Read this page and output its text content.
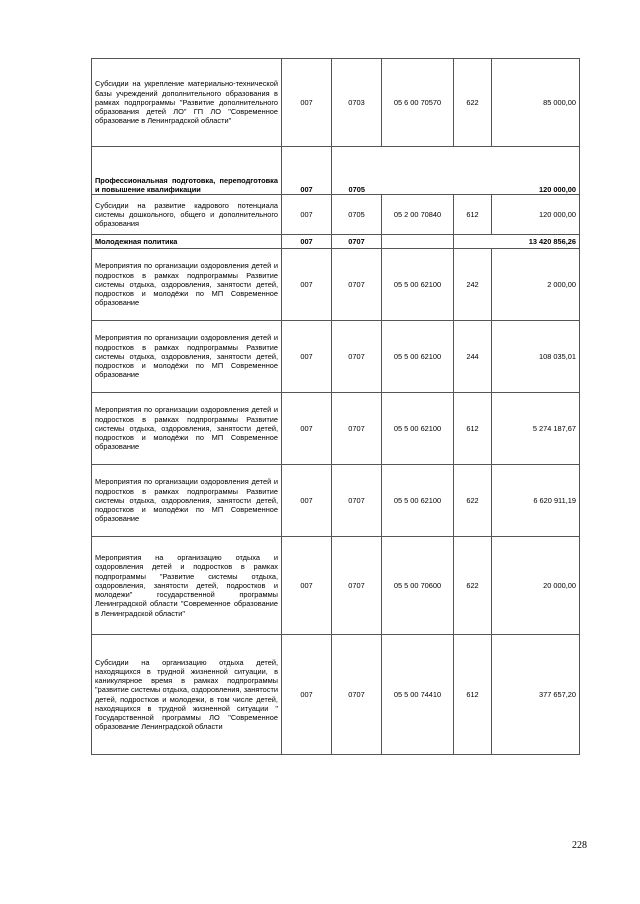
Субсидии на укрепление материально-технической базы учреждений дополнительного образования в рамках подпрограммы "Развитие дополнительного образования детей ЛО" ГП ЛО "Современное образование в Ленинградской области"	007	0703	05 6 00 70570	622	85 000,00
Профессиональная подготовка, переподготовка и повышение квалификации	007	0705			120 000,00
Субсидии на развитие кадрового потенциала системы дошкольного, общего и дополнительного образования	007	0705	05 2 00 70840	612	120 000,00
Молодежная политика	007	0707			13 420 856,26
Мероприятия по организации оздоровления детей и подростков в рамках подпрограммы Развитие системы отдыха, оздоровления, занятости детей, подростков и молодёжи по МП Современное образование	007	0707	05 5 00 62100	242	2 000,00
Мероприятия по организации оздоровления детей и подростков в рамках подпрограммы Развитие системы отдыха, оздоровления, занятости детей, подростков и молодёжи по МП Современное образование	007	0707	05 5 00 62100	244	108 035,01
Мероприятия по организации оздоровления детей и подростков в рамках подпрограммы Развитие системы отдыха, оздоровления, занятости детей, подростков и молодёжи по МП Современное образование	007	0707	05 5 00 62100	612	5 274 187,67
Мероприятия по организации оздоровления детей и подростков в рамках подпрограммы Развитие системы отдыха, оздоровления, занятости детей, подростков и молодёжи по МП Современное образование	007	0707	05 5 00 62100	622	6 620 911,19
Мероприятия на организацию отдыха и оздоровления детей и подростков в рамках подпрограммы "Развитие системы отдыха, оздоровления, занятости детей, подростков и молодежи" государственной программы Ленинградской области "Современное образование в Ленинградской области"	007	0707	05 5 00 70600	622	20 000,00
Субсидии на организацию отдыха детей, находящихся в трудной жизненной ситуации, в каникулярное время в рамках подпрограммы "развитие системы отдыха, оздоровления, занятости детей, подростков и молодежи, в том числе детей, находящихся в трудной жизненной ситуации " Государственной программы ЛО "Современное образование Ленинградской области	007	0707	05 5 00 74410	612	377 657,20
228
